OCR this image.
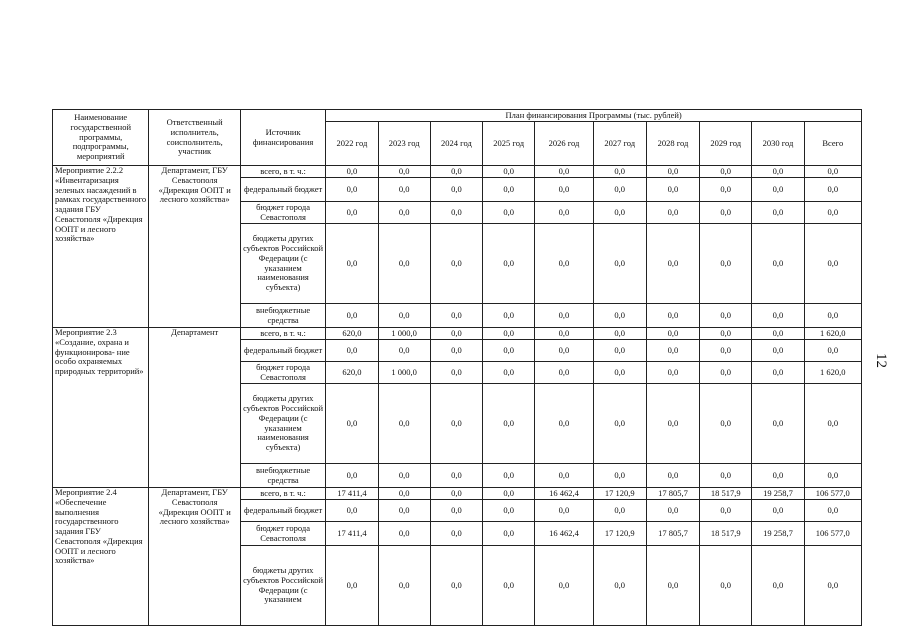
Наименование государственной программы, подпрограммы, мероприятий	Ответственный исполнитель, соисполнитель, участник	Источник финансирования	План финансирования Программы (тыс. рублей)									
			2022 год	2023 год	2024 год	2025 год	2026 год	2027 год	2028 год	2029 год	2030 год	Всего
Мероприятие 2.2.2 «Инвентаризация зеленых насаждений в рамках государственного задания ГБУ Севастополя «Дирекция ООПТ и лесного хозяйства»	Департамент, ГБУ Севастополя «Дирекция ООПТ и лесного хозяйства»	всего, в т. ч.:	0,0	0,0	0,0	0,0	0,0	0,0	0,0	0,0	0,0	0,0
		федеральный бюджет	0,0	0,0	0,0	0,0	0,0	0,0	0,0	0,0	0,0	0,0
		бюджет города Севастополя	0,0	0,0	0,0	0,0	0,0	0,0	0,0	0,0	0,0	0,0
		бюджеты других субъектов Российской Федерации (с указанием наименования субъекта)	0,0	0,0	0,0	0,0	0,0	0,0	0,0	0,0	0,0	0,0
		внебюджетные средства	0,0	0,0	0,0	0,0	0,0	0,0	0,0	0,0	0,0	0,0
Мероприятие 2.3 «Создание, охрана и функционирова- ние особо охраняемых природных территорий»	Департамент	всего, в т. ч.:	620,0	1 000,0	0,0	0,0	0,0	0,0	0,0	0,0	0,0	1 620,0
		федеральный бюджет	0,0	0,0	0,0	0,0	0,0	0,0	0,0	0,0	0,0	0,0
		бюджет города Севастополя	620,0	1 000,0	0,0	0,0	0,0	0,0	0,0	0,0	0,0	1 620,0
		бюджеты других субъектов Российской Федерации (с указанием наименования субъекта)	0,0	0,0	0,0	0,0	0,0	0,0	0,0	0,0	0,0	0,0
		внебюджетные средства	0,0	0,0	0,0	0,0	0,0	0,0	0,0	0,0	0,0	0,0
Мероприятие 2.4 «Обеспечение выполнения государственного задания ГБУ Севастополя «Дирекция ООПТ и лесного хозяйства»	Департамент, ГБУ Севастополя «Дирекция ООПТ и лесного хозяйства»	всего, в т. ч.:	17 411,4	0,0	0,0	0,0	16 462,4	17 120,9	17 805,7	18 517,9	19 258,7	106 577,0
		федеральный бюджет	0,0	0,0	0,0	0,0	0,0	0,0	0,0	0,0	0,0	0,0
		бюджет города Севастополя	17 411,4	0,0	0,0	0,0	16 462,4	17 120,9	17 805,7	18 517,9	19 258,7	106 577,0
		бюджеты других субъектов Российской Федерации (с указанием	0,0	0,0	0,0	0,0	0,0	0,0	0,0	0,0	0,0	0,0
12
